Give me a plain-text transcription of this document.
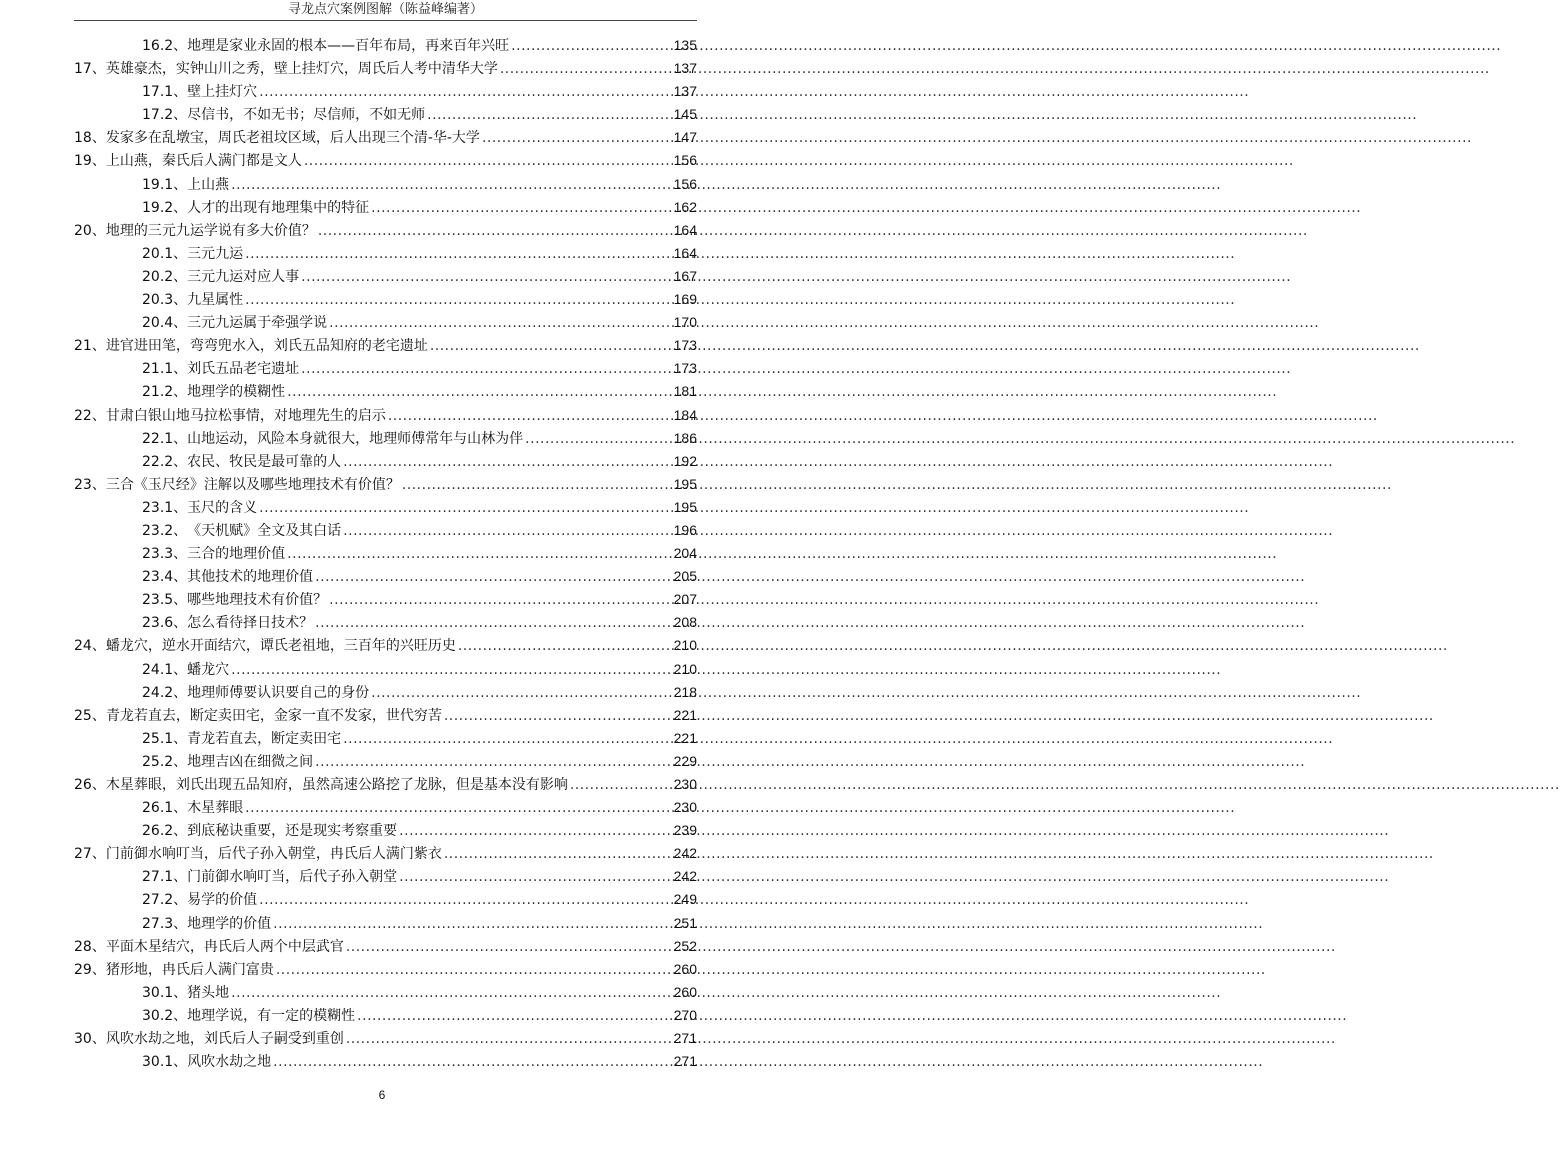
寻龙点穴案例图解（陈益峰编著）
16.2、 地理是家业永固的根本——百年布局，再来百年兴旺 .....	135
17、 英雄豪杰，实钟山川之秀，壁上挂灯穴，周氏后人考中清华大学 .....	137
17.1、 壁上挂灯穴 .....	137
17.2、 尽信书，不如无书；尽信师，不如无师 .....	145
18、 发家多在乱墩宝，周氏老祖坟区域，后人出现三个清-华-大学 .....	147
19、 上山燕，秦氏后人满门都是文人 .....	156
19.1、 上山燕 .....	156
19.2、 人才的出现有地理集中的特征 .....	162
20、 地理的三元九运学说有多大价值？ .....	164
20.1、 三元九运 .....	164
20.2、 三元九运对应人事 .....	167
20.3、 九星属性 .....	169
20.4、 三元九运属于牵强学说 .....	170
21、 进官进田笔，弯弯兜水入，刘氏五品知府的老宅遗址 .....	173
21.1、 刘氏五品老宅遗址 .....	173
21.2、 地理学的模糊性 .....	181
22、 甘肃白银山地马拉松事情，对地理先生的启示 .....	184
22.1、 山地运动，风险本身就很大，地理师傅常年与山林为伴 .....	186
22.2、 农民、牧民是最可靠的人 .....	192
23、 三合《玉尺经》注解以及哪些地理技术有价值？ .....	195
23.1、 玉尺的含义 .....	195
23.2、 《天机赋》全文及其白话 .....	196
23.3、 三合的地理价值 .....	204
23.4、 其他技术的地理价值 .....	205
23.5、 哪些地理技术有价值？ .....	207
23.6、 怎么看待择日技术？ .....	208
24、 蟠龙穴，逆水开面结穴，谭氏老祖地，三百年的兴旺历史 .....	210
24.1、 蟠龙穴 .....	210
24.2、 地理师傅要认识要自己的身份 .....	218
25、 青龙若直去，断定卖田宅，金家一直不发家，世代穷苦 .....	221
25.1、 青龙若直去，断定卖田宅 .....	221
25.2、 地理吉凶在细微之间 .....	229
26、 木星葬眼，刘氏出现五品知府，虽然高速公路挖了龙脉，但是基本没有影响 .....	230
26.1、 木星葬眼 .....	230
26.2、 到底秘诀重要，还是现实考察重要 .....	239
27、 门前御水响叮当，后代子孙入朝堂，冉氏后人满门紫衣 .....	242
27.1、 门前御水响叮当，后代子孙入朝堂 .....	242
27.2、 易学的价值 .....	249
27.3、 地理学的价值 .....	251
28、 平面木星结穴，冉氏后人两个中层武官 .....	252
29、 猪形地，冉氏后人满门富贵 .....	260
30.1、 猪头地 .....	260
30.2、 地理学说，有一定的模糊性 .....	270
30、 风吹水劫之地，刘氏后人子嗣受到重创 .....	271
30.1、 风吹水劫之地 .....	271
6
